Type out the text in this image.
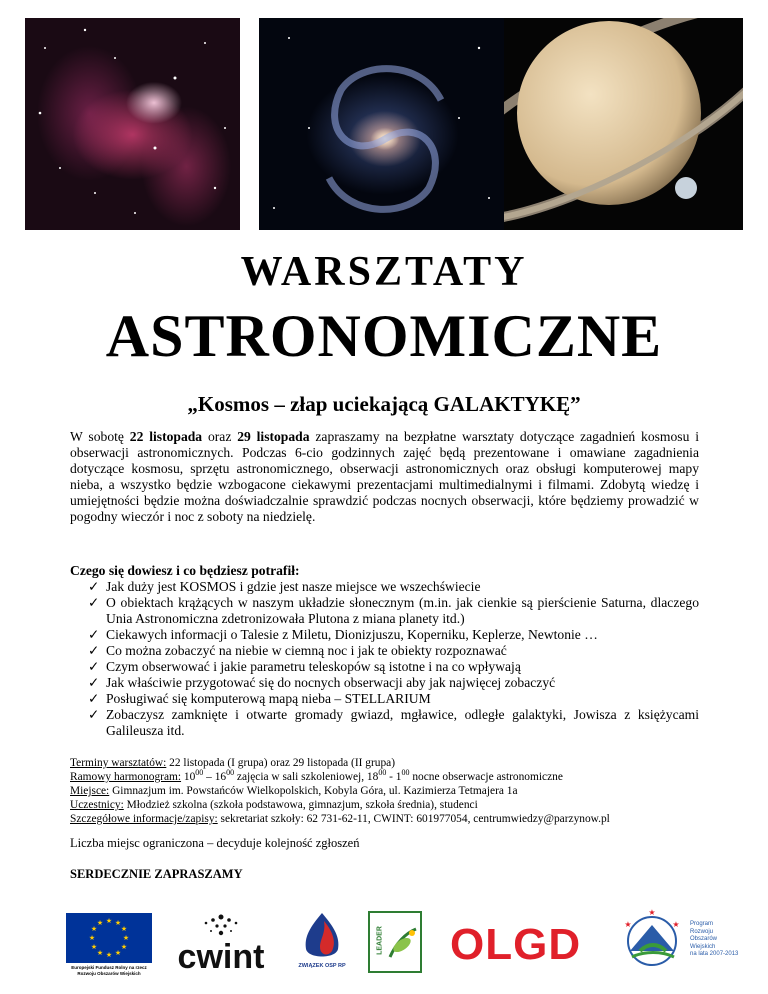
WARSZTATY
ASTRONOMICZNE
„Kosmos – złap uciekającą GALAKTYKĘ”

W sobotę 22 listopada oraz 29 listopada zapraszamy na bezpłatne warsztaty dotyczące zagadnień kosmosu i obserwacji astronomicznych. Podczas 6-cio godzinnych zajęć będą prezentowane i omawiane zagadnienia dotyczące kosmosu, sprzętu astronomicznego, obserwacji astronomicznych oraz obsługi komputerowej mapy nieba, a wszystko będzie wzbogacone ciekawymi prezentacjami multimedialnymi i filmami. Zdobytą wiedzę i umiejętności będzie można doświadczalnie sprawdzić podczas nocnych obserwacji, które będziemy prowadzić w pogodny wieczór i noc z soboty na niedzielę.

Czego się dowiesz i co będziesz potrafił:
✓ Jak duży jest KOSMOS i gdzie jest nasze miejsce we wszechświecie
✓ O obiektach krążących w naszym układzie słonecznym (m.in. jak cienkie są pierścienie Saturna, dlaczego Unia Astronomiczna zdetronizowała Plutona z miana planety itd.)
✓ Ciekawych informacji o Talesie z Miletu, Dionizjuszu, Koperniku, Keplerze, Newtonie …
✓ Co można zobaczyć na niebie w ciemną noc i jak te obiekty rozpoznawać
✓ Czym obserwować i jakie parametru teleskopów są istotne i na co wpływają
✓ Jak właściwie przygotować się do nocnych obserwacji aby jak najwięcej zobaczyć
✓ Posługiwać się komputerową mapą nieba – STELLARIUM
✓ Zobaczysz zamknięte i otwarte gromady gwiazd, mgławice, odległe galaktyki, Jowisza z księżycami Galileusza itd.
Terminy warsztatów: 22 listopada (I grupa) oraz 29 listopada (II grupa)
Ramowy harmonogram: $10^{00} - 16^{00}$ zajęcia w sali szkoleniowej, $18^{00} - 1^{00}$ nocne obserwacje astronomiczne
Miejsce: Gimnazjum im. Powstańców Wielkopolskich, Kobyla Góra, ul. Kazimierza Tetmajera 1a
Uczestnicy: Młodzież szkolna (szkoła podstawowa, gimnazjum, szkoła średnia), studenci
Szczegółowe informacje/zapisy: sekretariat szkoły: 62 731-62-11, CWINT: 601977054, centrumwiedzy@parzynow.pl
Liczba miejsc ograniczona – decyduje kolejność zgłoszeń
SERDECZNIE ZAPRASZAMY
★ ★
★
★
★
★
★
★
★
★
★
★
Europejski Fundusz Rolny na rzecz
Rozwoju Obszarów Wiejskich	cwint	ZWIĄZEK OSP RP
LEADER OLGD	★
★
★ Program
Rozwoju
Obszarów
Wiejskich
na lata 2007-2013
